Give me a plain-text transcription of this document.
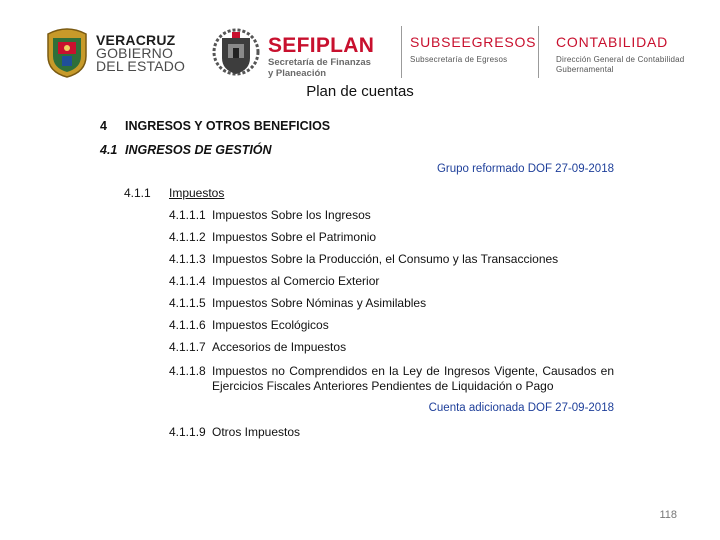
VERACRUZ
GOBIERNO
DEL ESTADO
SEFIPLAN
Secretaría de Finanzas
y Planeación
SUBSEEGRESOS
Subsecretaría de Egresos
CONTABILIDAD
Dirección General de Contabilidad
Gubernamental
Plan de cuentas
4 INGRESOS Y OTROS BENEFICIOS
4.1 INGRESOS DE GESTIÓN
Grupo reformado DOF 27-09-2018
4.1.1 Impuestos
4.1.1.1 Impuestos Sobre los Ingresos
4.1.1.2 Impuestos Sobre el Patrimonio
4.1.1.3 Impuestos Sobre la Producción, el Consumo y las Transacciones
4.1.1.4 Impuestos al Comercio Exterior
4.1.1.5 Impuestos Sobre Nóminas y Asimilables
4.1.1.6 Impuestos Ecológicos
4.1.1.7 Accesorios de Impuestos
4.1.1.8 Impuestos no Comprendidos en la Ley de Ingresos Vigente, Causados en Ejercicios Fiscales Anteriores Pendientes de Liquidación o Pago
Cuenta adicionada DOF 27-09-2018
4.1.1.9 Otros Impuestos
118
